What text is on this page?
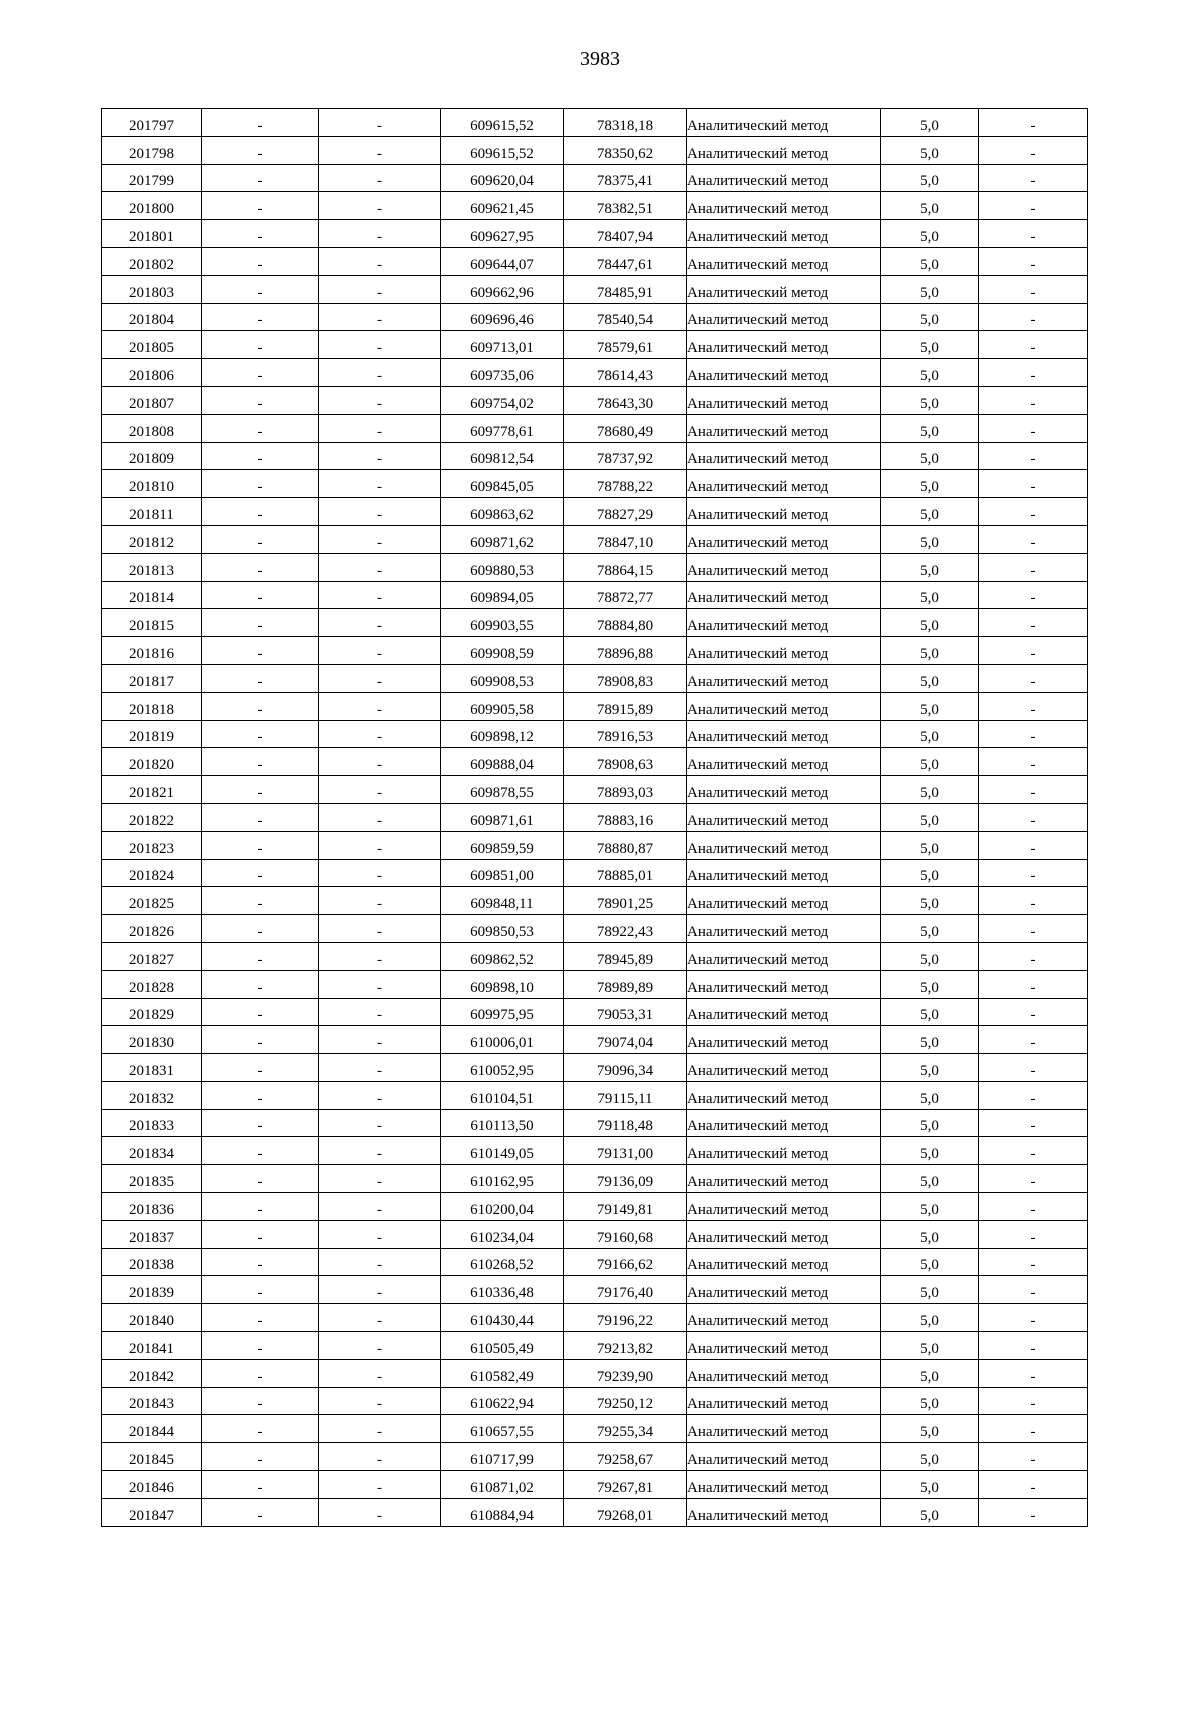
3983
201797	-	-	609615,52	78318,18	Аналитический метод	5,0	-
201798	-	-	609615,52	78350,62	Аналитический метод	5,0	-
201799	-	-	609620,04	78375,41	Аналитический метод	5,0	-
201800	-	-	609621,45	78382,51	Аналитический метод	5,0	-
201801	-	-	609627,95	78407,94	Аналитический метод	5,0	-
201802	-	-	609644,07	78447,61	Аналитический метод	5,0	-
201803	-	-	609662,96	78485,91	Аналитический метод	5,0	-
201804	-	-	609696,46	78540,54	Аналитический метод	5,0	-
201805	-	-	609713,01	78579,61	Аналитический метод	5,0	-
201806	-	-	609735,06	78614,43	Аналитический метод	5,0	-
201807	-	-	609754,02	78643,30	Аналитический метод	5,0	-
201808	-	-	609778,61	78680,49	Аналитический метод	5,0	-
201809	-	-	609812,54	78737,92	Аналитический метод	5,0	-
201810	-	-	609845,05	78788,22	Аналитический метод	5,0	-
201811	-	-	609863,62	78827,29	Аналитический метод	5,0	-
201812	-	-	609871,62	78847,10	Аналитический метод	5,0	-
201813	-	-	609880,53	78864,15	Аналитический метод	5,0	-
201814	-	-	609894,05	78872,77	Аналитический метод	5,0	-
201815	-	-	609903,55	78884,80	Аналитический метод	5,0	-
201816	-	-	609908,59	78896,88	Аналитический метод	5,0	-
201817	-	-	609908,53	78908,83	Аналитический метод	5,0	-
201818	-	-	609905,58	78915,89	Аналитический метод	5,0	-
201819	-	-	609898,12	78916,53	Аналитический метод	5,0	-
201820	-	-	609888,04	78908,63	Аналитический метод	5,0	-
201821	-	-	609878,55	78893,03	Аналитический метод	5,0	-
201822	-	-	609871,61	78883,16	Аналитический метод	5,0	-
201823	-	-	609859,59	78880,87	Аналитический метод	5,0	-
201824	-	-	609851,00	78885,01	Аналитический метод	5,0	-
201825	-	-	609848,11	78901,25	Аналитический метод	5,0	-
201826	-	-	609850,53	78922,43	Аналитический метод	5,0	-
201827	-	-	609862,52	78945,89	Аналитический метод	5,0	-
201828	-	-	609898,10	78989,89	Аналитический метод	5,0	-
201829	-	-	609975,95	79053,31	Аналитический метод	5,0	-
201830	-	-	610006,01	79074,04	Аналитический метод	5,0	-
201831	-	-	610052,95	79096,34	Аналитический метод	5,0	-
201832	-	-	610104,51	79115,11	Аналитический метод	5,0	-
201833	-	-	610113,50	79118,48	Аналитический метод	5,0	-
201834	-	-	610149,05	79131,00	Аналитический метод	5,0	-
201835	-	-	610162,95	79136,09	Аналитический метод	5,0	-
201836	-	-	610200,04	79149,81	Аналитический метод	5,0	-
201837	-	-	610234,04	79160,68	Аналитический метод	5,0	-
201838	-	-	610268,52	79166,62	Аналитический метод	5,0	-
201839	-	-	610336,48	79176,40	Аналитический метод	5,0	-
201840	-	-	610430,44	79196,22	Аналитический метод	5,0	-
201841	-	-	610505,49	79213,82	Аналитический метод	5,0	-
201842	-	-	610582,49	79239,90	Аналитический метод	5,0	-
201843	-	-	610622,94	79250,12	Аналитический метод	5,0	-
201844	-	-	610657,55	79255,34	Аналитический метод	5,0	-
201845	-	-	610717,99	79258,67	Аналитический метод	5,0	-
201846	-	-	610871,02	79267,81	Аналитический метод	5,0	-
201847	-	-	610884,94	79268,01	Аналитический метод	5,0	-
